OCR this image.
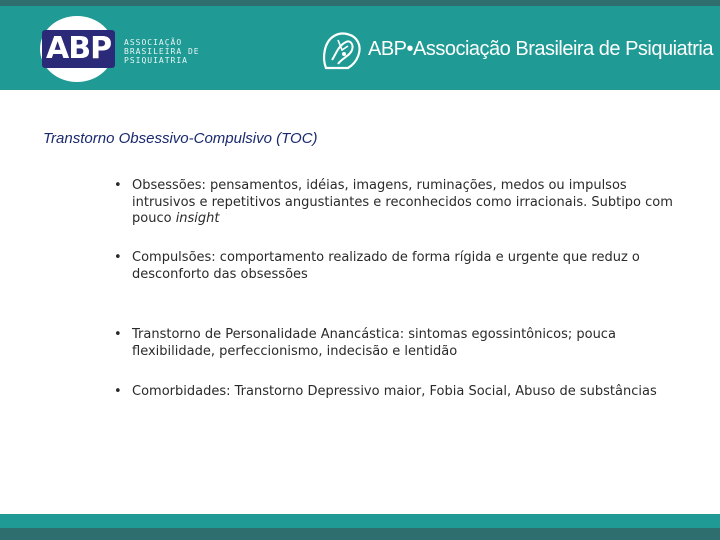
ABP	ASSOCIAÇÃO
BRASILEIRA DE
PSIQUIATRIA
ABP•Associação Brasileira de Psiquiatria
Transtorno Obsessivo-Compulsivo (TOC)
• Obsessões: pensamentos, idéias, imagens, ruminações, medos ou impulsos intrusivos e repetitivos angustiantes e reconhecidos como irracionais. Subtipo com pouco insight
• Compulsões: comportamento realizado de forma rígida e urgente que reduz o desconforto das obsessões
• Transtorno de Personalidade Anancástica: sintomas egossintônicos; pouca flexibilidade, perfeccionismo, indecisão e lentidão
• Comorbidades: Transtorno Depressivo maior, Fobia Social, Abuso de substâncias
